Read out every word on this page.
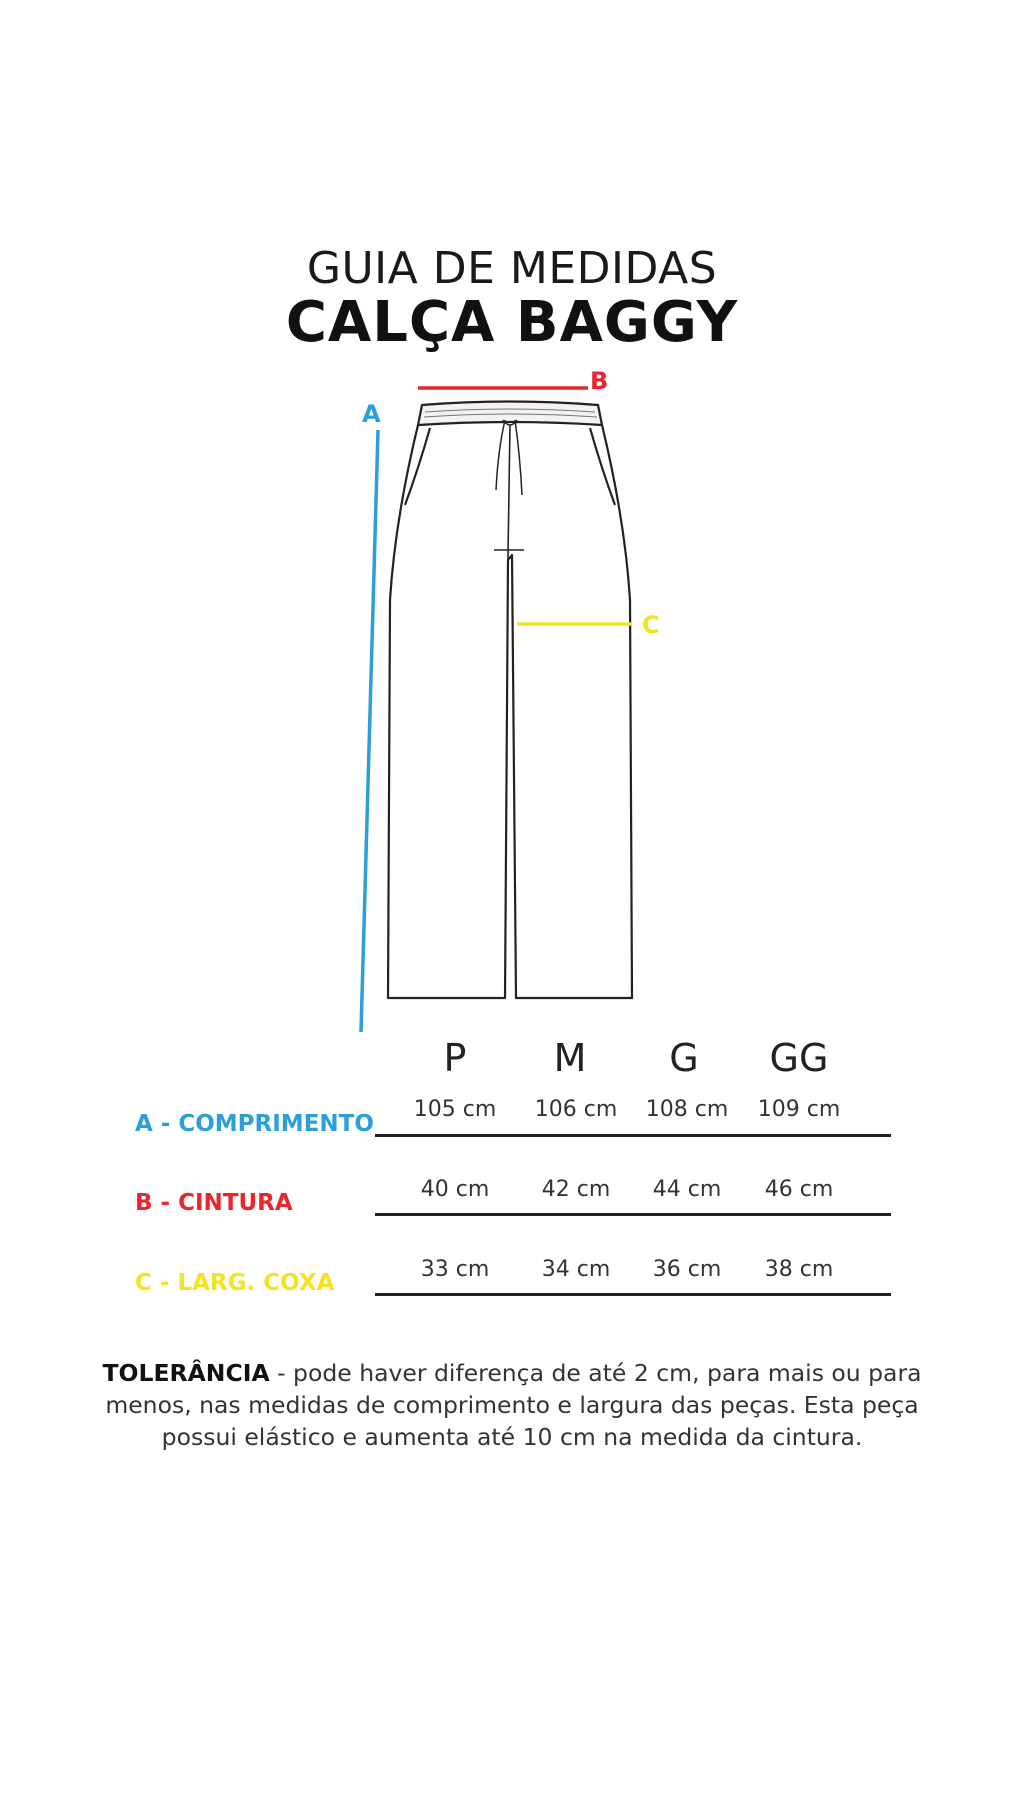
GUIA DE MEDIDAS
CALÇA BAGGY
A
B
C
P	M	G	GG
A - COMPRIMENTO
105 cm	106 cm	108 cm	109 cm
B - CINTURA
40 cm	42 cm	44 cm	46 cm
C - LARG. COXA
33 cm	34 cm	36 cm	38 cm
TOLERÂNCIA - pode haver diferença de até 2 cm, para mais ou para menos, nas medidas de comprimento e largura das peças. Esta peça possui elástico e aumenta até 10 cm na medida da cintura.
